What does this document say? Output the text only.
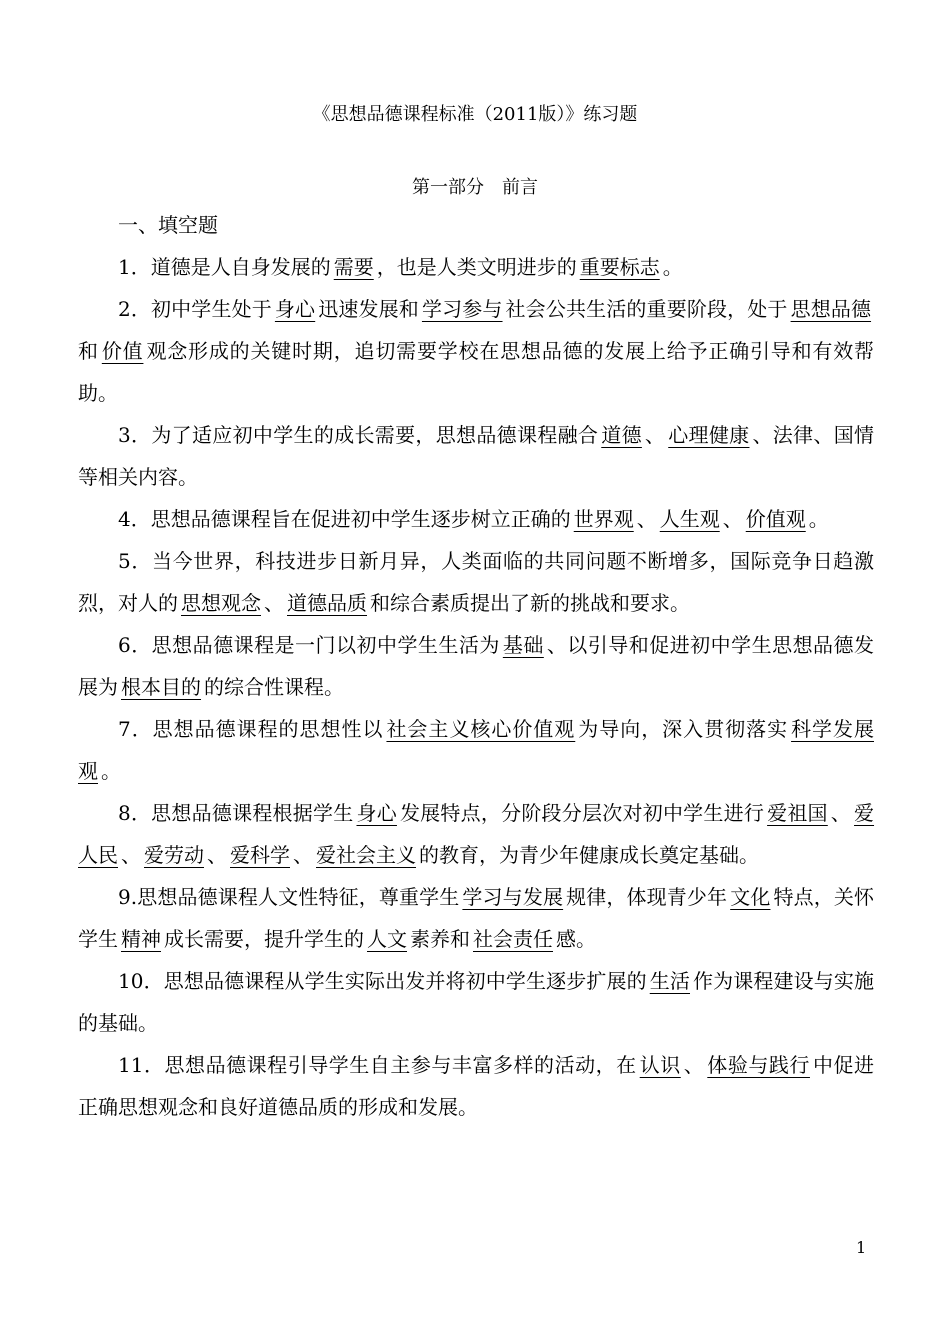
《思想品德课程标准（2011版）》练习题
第一部分　前言
一、填空题

1．道德是人自身发展的 需要 ，也是人类文明进步的 重要标志 。

2．初中学生处于 身心 迅速发展和 学习参与 社会公共生活的重要阶段，处于 思想品德和 价值 观念形成的关键时期，追切需要学校在思想品德的发展上给予正确引导和有效帮助。

3．为了适应初中学生的成长需要，思想品德课程融合 道德 、 心理健康 、法律、国情等相关内容。

4．思想品德课程旨在促进初中学生逐步树立正确的 世界观 、 人生观 、 价值观 。

5．当今世界，科技进步日新月异，人类面临的共同问题不断增多，国际竞争日趋激烈，对人的 思想观念 、 道德品质 和综合素质提出了新的挑战和要求。

6．思想品德课程是一门以初中学生生活为 基础 、以引导和促进初中学生思想品德发展为 根本目的 的综合性课程。

7．思想品德课程的思想性以 社会主义核心价值观 为导向，深入贯彻落实 科学发展观 。

8．思想品德课程根据学生 身心 发展特点，分阶段分层次对初中学生进行 爱祖国 、 爱人民 、 爱劳动 、 爱科学 、 爱社会主义 的教育，为青少年健康成长奠定基础。

9.思想品德课程人文性特征，尊重学生 学习与发展 规律，体现青少年 文化 特点，关怀学生 精神 成长需要，提升学生的 人文 素养和 社会责任 感。

10．思想品德课程从学生实际出发并将初中学生逐步扩展的 生活 作为课程建设与实施的基础。

11．思想品德课程引导学生自主参与丰富多样的活动，在 认识 、 体验与践行 中促进正确思想观念和良好道德品质的形成和发展。

1
